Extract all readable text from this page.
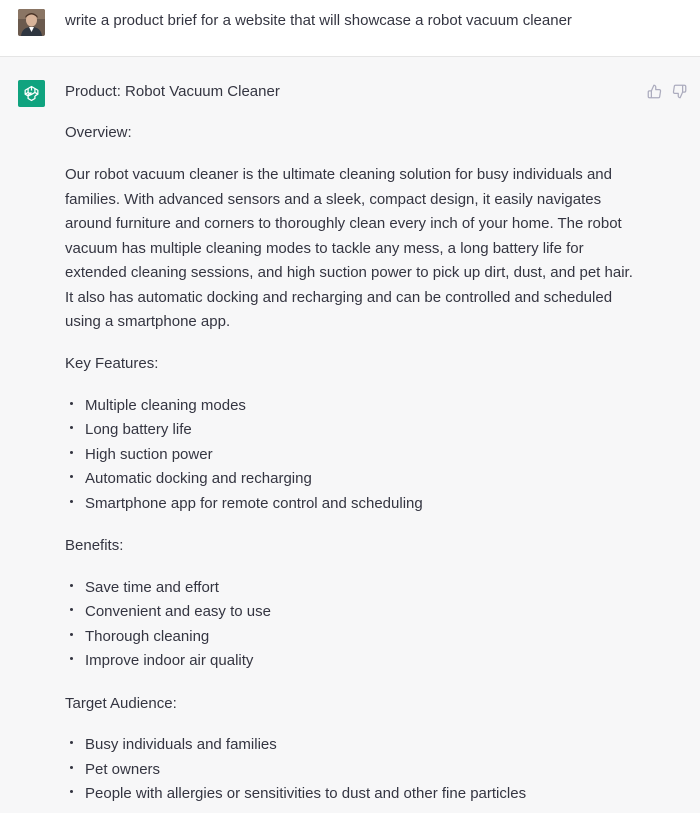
write a product brief for a website that will showcase a robot vacuum cleaner
Product: Robot Vacuum Cleaner
Overview:
Our robot vacuum cleaner is the ultimate cleaning solution for busy individuals and
families. With advanced sensors and a sleek, compact design, it easily navigates
around furniture and corners to thoroughly clean every inch of your home. The robot
vacuum has multiple cleaning modes to tackle any mess, a long battery life for
extended cleaning sessions, and high suction power to pick up dirt, dust, and pet hair.
It also has automatic docking and recharging and can be controlled and scheduled
using a smartphone app.
Key Features:
Multiple cleaning modes
Long battery life
High suction power
Automatic docking and recharging
Smartphone app for remote control and scheduling
Benefits:
Save time and effort
Convenient and easy to use
Thorough cleaning
Improve indoor air quality
Target Audience:
Busy individuals and families
Pet owners
People with allergies or sensitivities to dust and other fine particles
